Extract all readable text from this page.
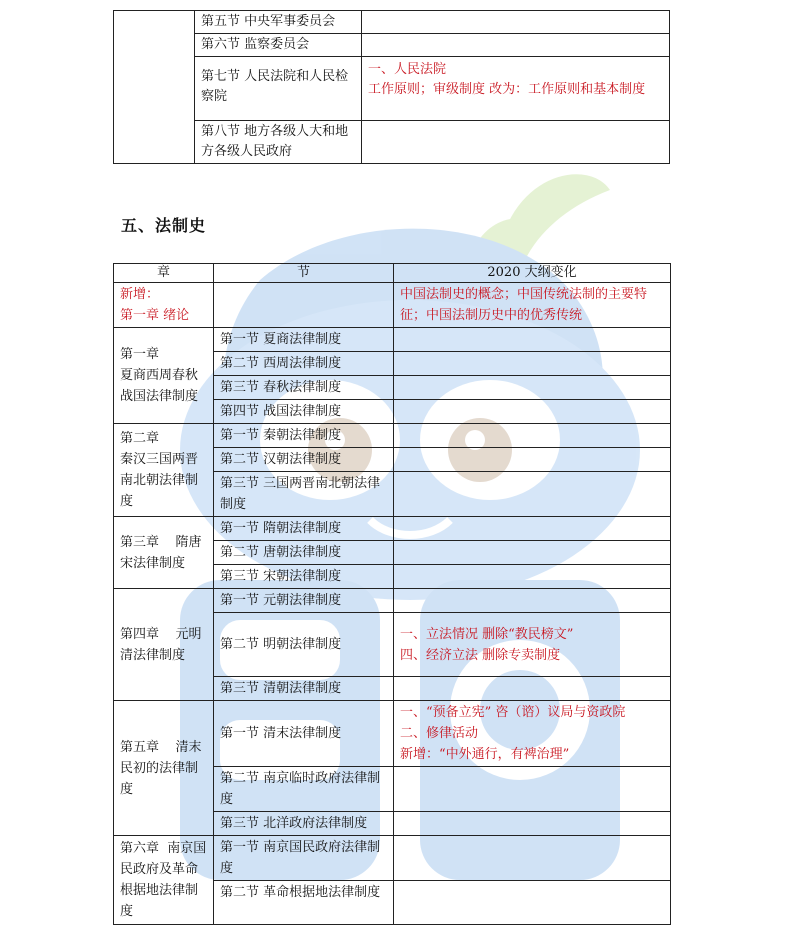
	第五节 中央军事委员会	
	第六节 监察委员会	
	第七节 人民法院和人民检察院	一、人民法院
工作原则；审级制度 改为：工作原则和基本制度

	第八节 地方各级人大和地方各级人民政府	
五、法制史
章	节	2020 大纲变化

新增：
第一章 绪论		中国法制史的概念；中国传统法制的主要特征；中国法制历史中的优秀传统
第一章
夏商西周春秋战国法律制度	第一节 夏商法律制度	
	第二节 西周法律制度	
	第三节 春秋法律制度	
	第四节 战国法律制度	
第二章
秦汉三国两晋南北朝法律制度	第一节 秦朝法律制度	
	第二节 汉朝法律制度	
	第三节 三国两晋南北朝法律制度	
第三章    隋唐宋法律制度	第一节 隋朝法律制度	
	第二节 唐朝法律制度	
	第三节 宋朝法律制度	
第四章    元明清法律制度	第一节 元朝法律制度	
	第二节 明朝法律制度	一、立法情况 删除“教民榜文”
四、经济立法 删除专卖制度

	第三节 清朝法律制度	
第五章    清末民初的法律制度	第一节 清末法律制度	一、“预备立宪” 咨（谘）议局与资政院
二、修律活动
新增：“中外通行，有裨治理”

	第二节 南京临时政府法律制度	
	第三节 北洋政府法律制度	
第六章  南京国民政府及革命根据地法律制度	第一节 南京国民政府法律制度	
	第二节 革命根据地法律制度	
